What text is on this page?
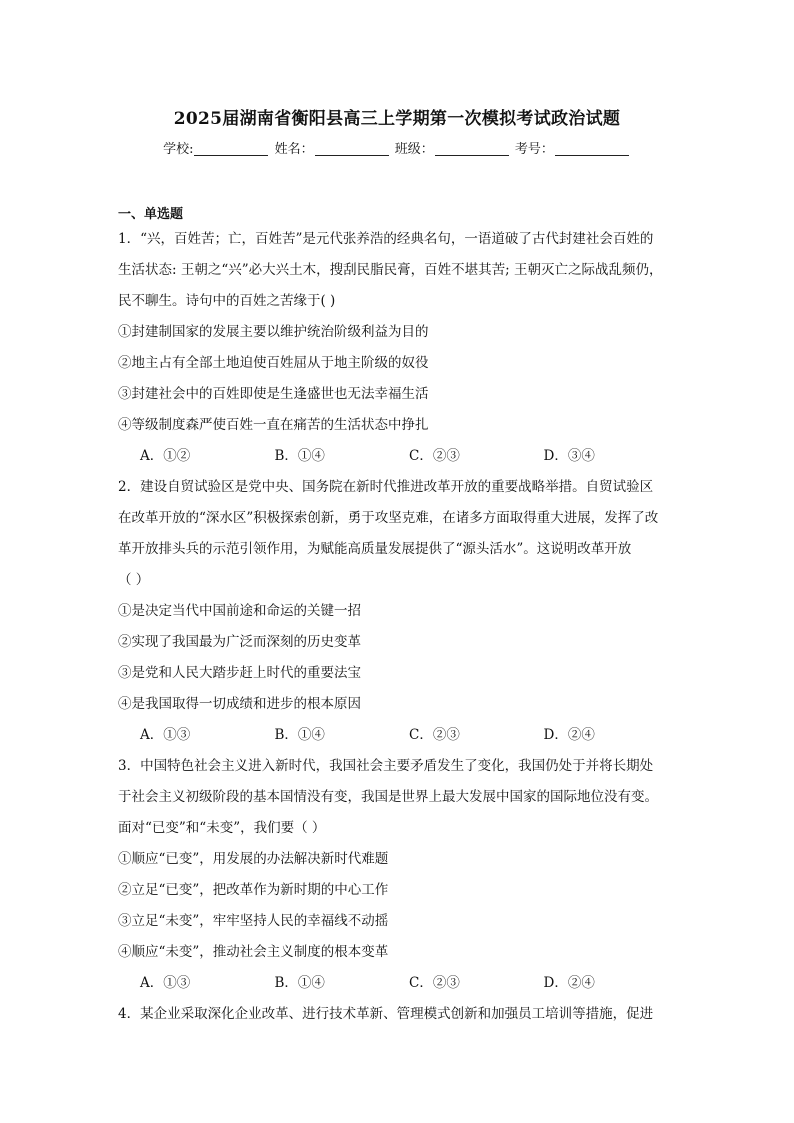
2025届湖南省衡阳县高三上学期第一次模拟考试政治试题
学校:	姓名：	班级：	考号：
一、单选题
1．“兴，百姓苦；亡，百姓苦”是元代张养浩的经典名句，一语道破了古代封建社会百姓的
生活状态: 王朝之“兴”必大兴土木，搜刮民脂民膏，百姓不堪其苦; 王朝灭亡之际战乱频仍，
民不聊生。诗句中的百姓之苦缘于( )
①封建制国家的发展主要以维护统治阶级利益为目的
②地主占有全部土地迫使百姓屈从于地主阶级的奴役
③封建社会中的百姓即使是生逢盛世也无法幸福生活
④等级制度森严使百姓一直在痛苦的生活状态中挣扎
A．①②	B．①④	C．②③	D．③④
2．建设自贸试验区是党中央、国务院在新时代推进改革开放的重要战略举措。自贸试验区
在改革开放的“深水区”积极探索创新，勇于攻坚克难，在诸多方面取得重大进展，发挥了改
革开放排头兵的示范引领作用，为赋能高质量发展提供了“源头活水”。这说明改革开放
（ ）
①是决定当代中国前途和命运的关键一招
②实现了我国最为广泛而深刻的历史变革
③是党和人民大踏步赶上时代的重要法宝
④是我国取得一切成绩和进步的根本原因
A．①③	B．①④	C．②③	D．②④
3．中国特色社会主义进入新时代，我国社会主要矛盾发生了变化，我国仍处于并将长期处
于社会主义初级阶段的基本国情没有变，我国是世界上最大发展中国家的国际地位没有变。
面对“已变”和“未变”，我们要（ ）
①顺应“已变”，用发展的办法解决新时代难题
②立足“已变”，把改革作为新时期的中心工作
③立足“未变”，牢牢坚持人民的幸福线不动摇
④顺应“未变”，推动社会主义制度的根本变革
A．①③	B．①④	C．②③	D．②④
4．某企业采取深化企业改革、进行技术革新、管理模式创新和加强员工培训等措施，促进
